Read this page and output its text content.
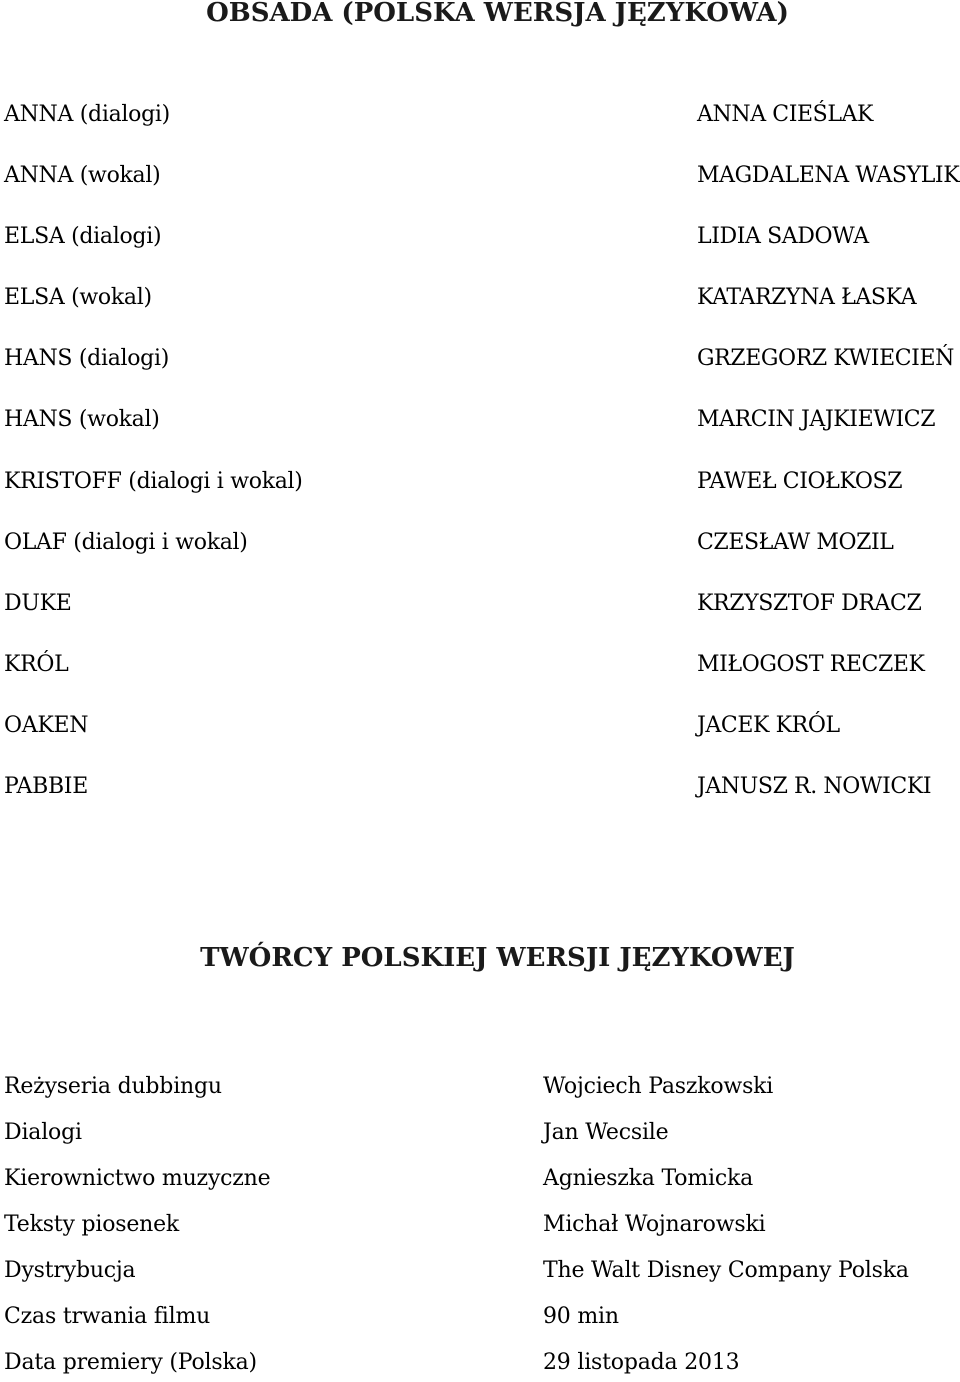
OBSADA (POLSKA WERSJA JĘZYKOWA)
ANNA (dialogi)	ANNA CIEŚLAK
ANNA (wokal)	MAGDALENA WASYLIK
ELSA (dialogi)	LIDIA SADOWA
ELSA (wokal)	KATARZYNA ŁASKA
HANS (dialogi)	GRZEGORZ KWIECIEŃ
HANS (wokal)	MARCIN JAJKIEWICZ
KRISTOFF (dialogi i wokal)	PAWEŁ CIOŁKOSZ
OLAF (dialogi i wokal)	CZESŁAW MOZIL
DUKE	KRZYSZTOF DRACZ
KRÓL	MIŁOGOST RECZEK
OAKEN	JACEK KRÓL
PABBIE	JANUSZ R. NOWICKI
TWÓRCY POLSKIEJ WERSJI JĘZYKOWEJ
Reżyseria dubbingu	Wojciech Paszkowski
Dialogi	Jan Wecsile
Kierownictwo muzyczne	Agnieszka Tomicka
Teksty piosenek	Michał Wojnarowski
Dystrybucja	The Walt Disney Company Polska
Czas trwania filmu	90 min
Data premiery (Polska)	29 listopada 2013
